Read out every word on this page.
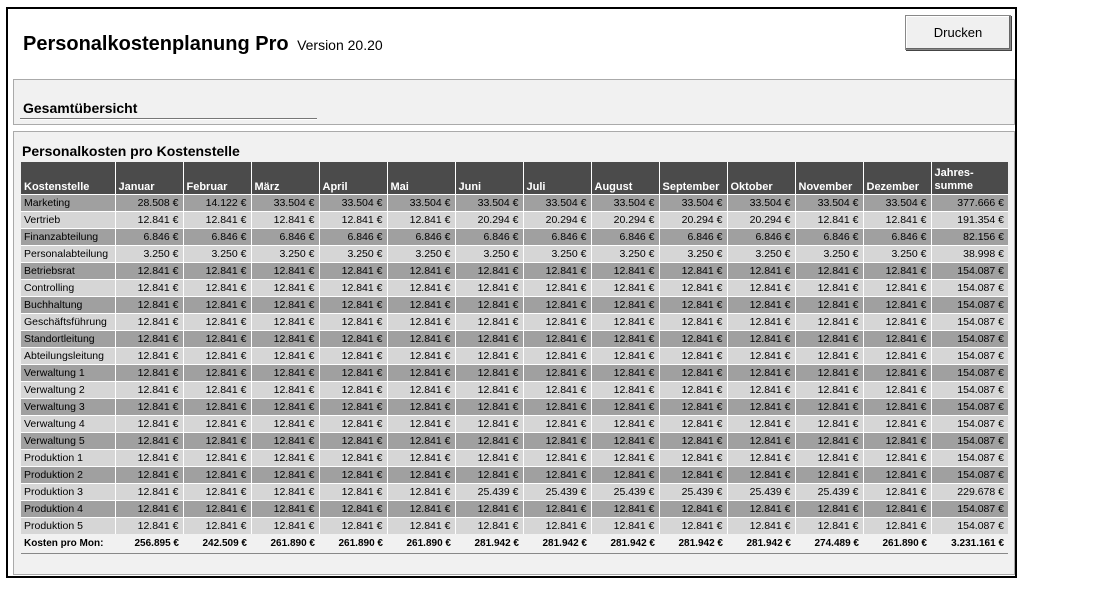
Personalkostenplanung Pro Version 20.20
Drucken
Gesamtübersicht
Personalkosten pro Kostenstelle
Kostenstelle	Januar	Februar	März	April	Mai	Juni	Juli	August	September	Oktober	November	Dezember	Jahres- summe
Marketing	28.508 €	14.122 €	33.504 €	33.504 €	33.504 €	33.504 €	33.504 €	33.504 €	33.504 €	33.504 €	33.504 €	33.504 €	377.666 €
Vertrieb	12.841 €	12.841 €	12.841 €	12.841 €	12.841 €	20.294 €	20.294 €	20.294 €	20.294 €	20.294 €	12.841 €	12.841 €	191.354 €
Finanzabteilung	6.846 €	6.846 €	6.846 €	6.846 €	6.846 €	6.846 €	6.846 €	6.846 €	6.846 €	6.846 €	6.846 €	6.846 €	82.156 €
Personalabteilung	3.250 €	3.250 €	3.250 €	3.250 €	3.250 €	3.250 €	3.250 €	3.250 €	3.250 €	3.250 €	3.250 €	3.250 €	38.998 €
Betriebsrat	12.841 €	12.841 €	12.841 €	12.841 €	12.841 €	12.841 €	12.841 €	12.841 €	12.841 €	12.841 €	12.841 €	12.841 €	154.087 €
Controlling	12.841 €	12.841 €	12.841 €	12.841 €	12.841 €	12.841 €	12.841 €	12.841 €	12.841 €	12.841 €	12.841 €	12.841 €	154.087 €
Buchhaltung	12.841 €	12.841 €	12.841 €	12.841 €	12.841 €	12.841 €	12.841 €	12.841 €	12.841 €	12.841 €	12.841 €	12.841 €	154.087 €
Geschäftsführung	12.841 €	12.841 €	12.841 €	12.841 €	12.841 €	12.841 €	12.841 €	12.841 €	12.841 €	12.841 €	12.841 €	12.841 €	154.087 €
Standortleitung	12.841 €	12.841 €	12.841 €	12.841 €	12.841 €	12.841 €	12.841 €	12.841 €	12.841 €	12.841 €	12.841 €	12.841 €	154.087 €
Abteilungsleitung	12.841 €	12.841 €	12.841 €	12.841 €	12.841 €	12.841 €	12.841 €	12.841 €	12.841 €	12.841 €	12.841 €	12.841 €	154.087 €
Verwaltung 1	12.841 €	12.841 €	12.841 €	12.841 €	12.841 €	12.841 €	12.841 €	12.841 €	12.841 €	12.841 €	12.841 €	12.841 €	154.087 €
Verwaltung 2	12.841 €	12.841 €	12.841 €	12.841 €	12.841 €	12.841 €	12.841 €	12.841 €	12.841 €	12.841 €	12.841 €	12.841 €	154.087 €
Verwaltung 3	12.841 €	12.841 €	12.841 €	12.841 €	12.841 €	12.841 €	12.841 €	12.841 €	12.841 €	12.841 €	12.841 €	12.841 €	154.087 €
Verwaltung 4	12.841 €	12.841 €	12.841 €	12.841 €	12.841 €	12.841 €	12.841 €	12.841 €	12.841 €	12.841 €	12.841 €	12.841 €	154.087 €
Verwaltung 5	12.841 €	12.841 €	12.841 €	12.841 €	12.841 €	12.841 €	12.841 €	12.841 €	12.841 €	12.841 €	12.841 €	12.841 €	154.087 €
Produktion 1	12.841 €	12.841 €	12.841 €	12.841 €	12.841 €	12.841 €	12.841 €	12.841 €	12.841 €	12.841 €	12.841 €	12.841 €	154.087 €
Produktion 2	12.841 €	12.841 €	12.841 €	12.841 €	12.841 €	12.841 €	12.841 €	12.841 €	12.841 €	12.841 €	12.841 €	12.841 €	154.087 €
Produktion 3	12.841 €	12.841 €	12.841 €	12.841 €	12.841 €	25.439 €	25.439 €	25.439 €	25.439 €	25.439 €	25.439 €	12.841 €	229.678 €
Produktion 4	12.841 €	12.841 €	12.841 €	12.841 €	12.841 €	12.841 €	12.841 €	12.841 €	12.841 €	12.841 €	12.841 €	12.841 €	154.087 €
Produktion 5	12.841 €	12.841 €	12.841 €	12.841 €	12.841 €	12.841 €	12.841 €	12.841 €	12.841 €	12.841 €	12.841 €	12.841 €	154.087 €
Kosten pro Mon:	256.895 €	242.509 €	261.890 €	261.890 €	261.890 €	281.942 €	281.942 €	281.942 €	281.942 €	281.942 €	274.489 €	261.890 €	3.231.161 €
